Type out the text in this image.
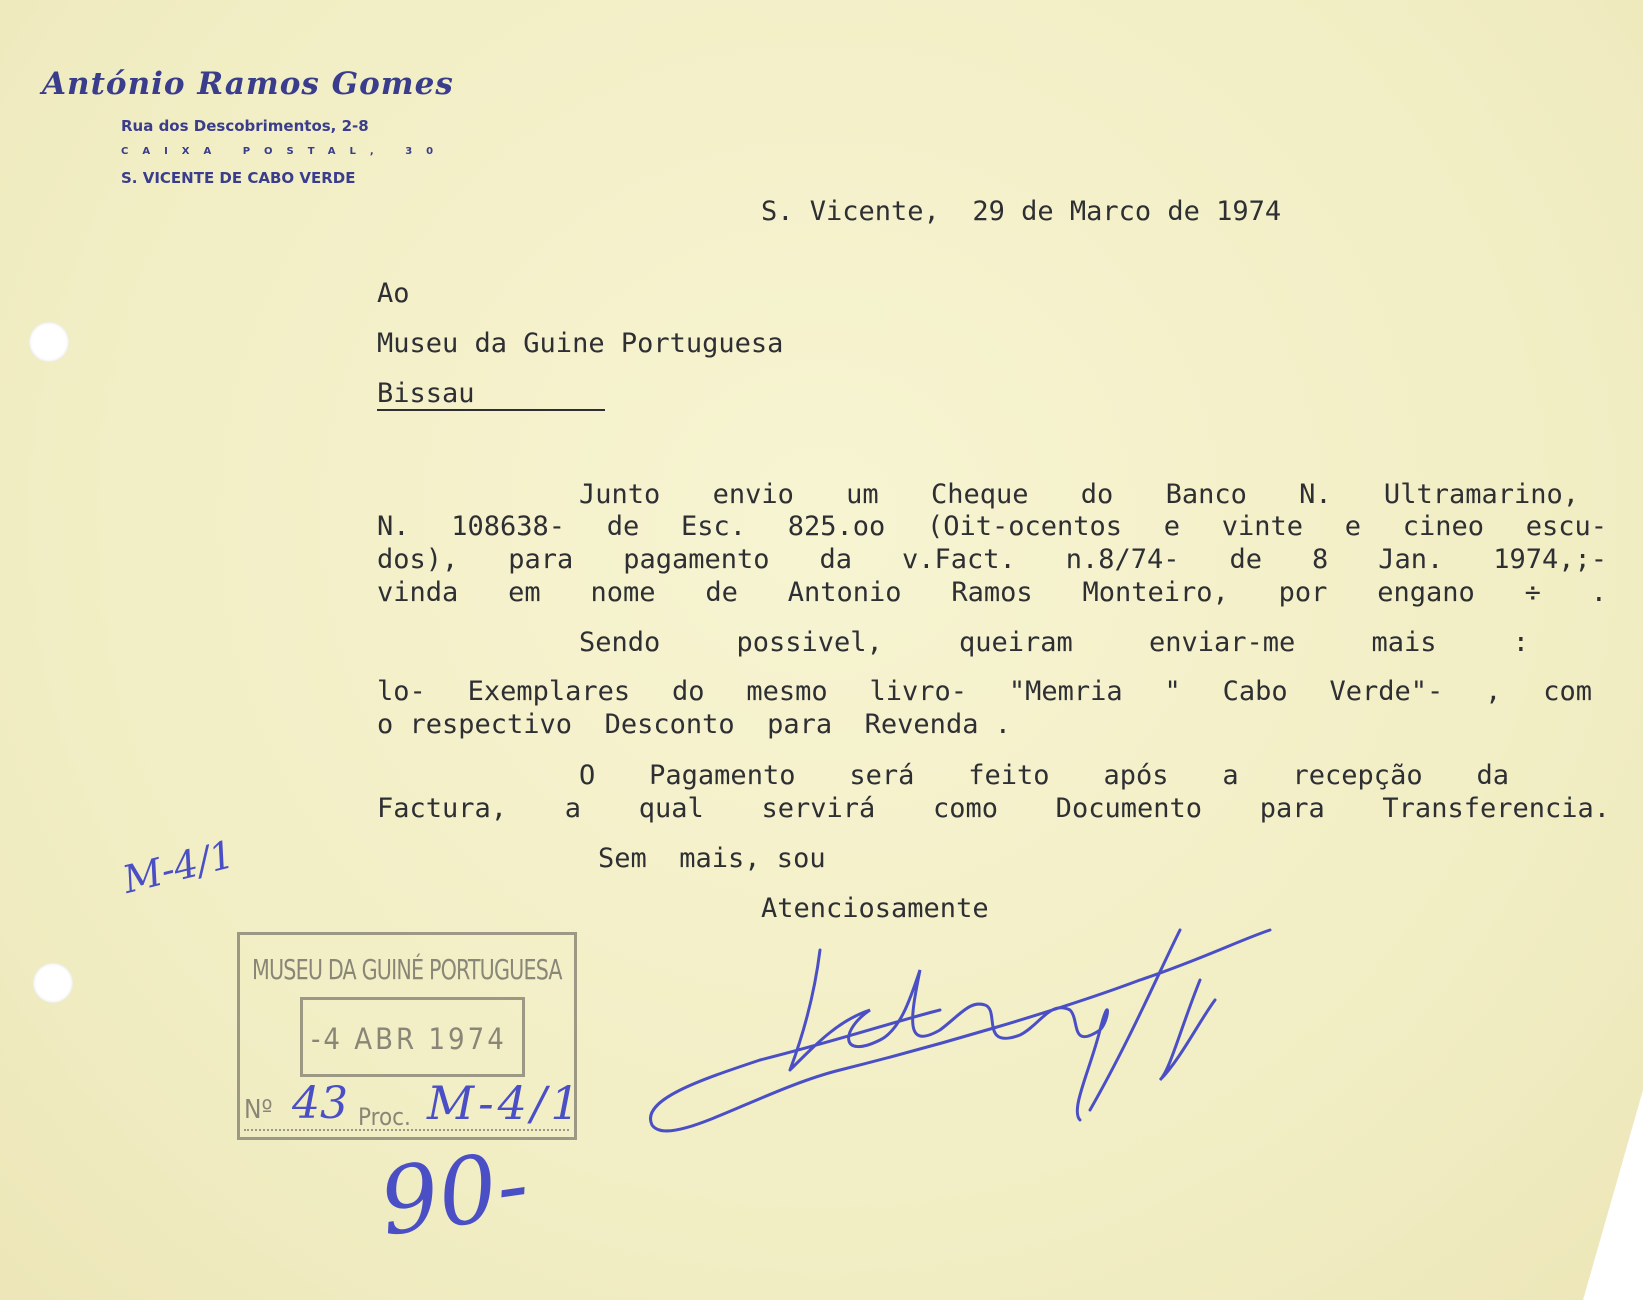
António Ramos Gomes
Rua dos Descobrimentos, 2-8
CAIXA POSTAL, 30
S. VICENTE DE CABO VERDE
S. Vicente,  29 de Marco de 1974
Ao
Museu da Guine Portuguesa
Bissau
Junto envio um Cheque do Banco N. Ultramarino,
N. 108638- de Esc. 825.oo (Oit-ocentos e vinte e cineo escu-
dos), para pagamento da v.Fact. n.8/74- de 8 Jan. 1974,;-
vinda em nome de Antonio Ramos Monteiro, por engano ÷ .
Sendo possivel, queiram enviar-me mais :
lo- Exemplares do mesmo livro- "Memria " Cabo Verde"- , com
o respectivo  Desconto  para  Revenda .
O Pagamento será feito após a recepção da
Factura, a qual servirá como Documento para Transferencia.
Sem  mais, sou
Atenciosamente
M-4/1
MUSEU DA GUINÉ PORTUGUESA
-4 ABR 1974
Nº	Proc.
43 M-4/1
90-
